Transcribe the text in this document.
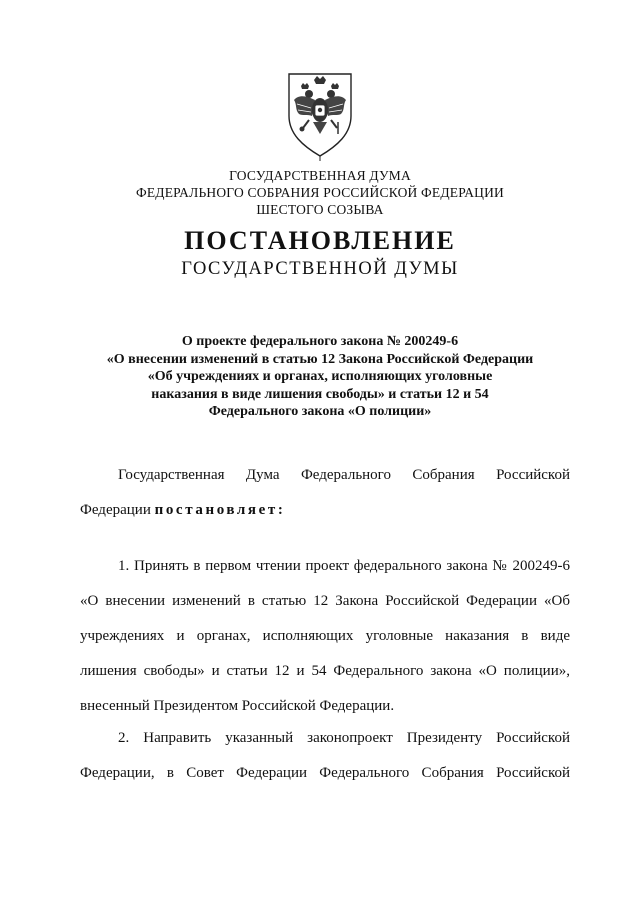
ГОСУДАРСТВЕННАЯ ДУМА
ФЕДЕРАЛЬНОГО СОБРАНИЯ РОССИЙСКОЙ ФЕДЕРАЦИИ
ШЕСТОГО СОЗЫВА
ПОСТАНОВЛЕНИЕ
ГОСУДАРСТВЕННОЙ ДУМЫ
О проекте федерального закона № 200249-6
«О внесении изменений в статью 12 Закона Российской Федерации
«Об учреждениях и органах, исполняющих уголовные
наказания в виде лишения свободы» и статьи 12 и 54
Федерального закона «О полиции»
Государственная Дума Федерального Собрания Российской
Федерации постановляет:
1. Принять в первом чтении проект федерального закона № 200249-6
«О внесении изменений в статью 12 Закона Российской Федерации «Об
учреждениях и органах, исполняющих уголовные наказания в виде
лишения свободы» и статьи 12 и 54 Федерального закона «О полиции»,
внесенный Президентом Российской Федерации.
2. Направить указанный законопроект Президенту Российской
Федерации, в Совет Федерации Федерального Собрания Российской
